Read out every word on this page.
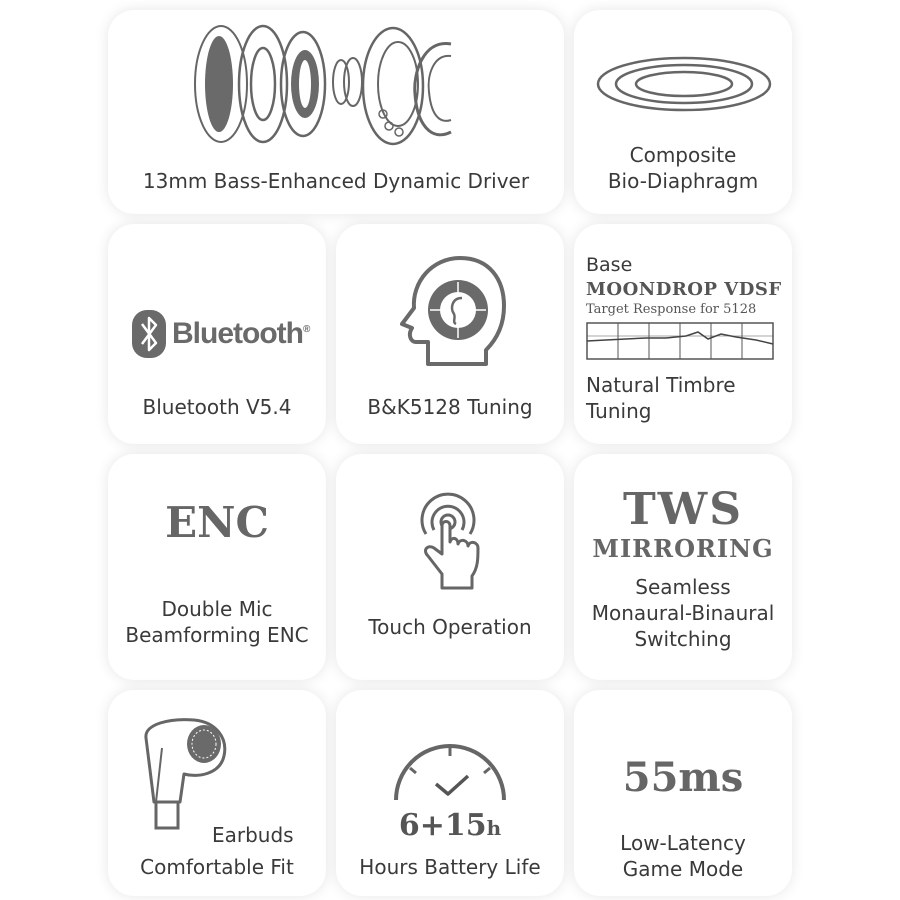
13mm Bass-Enhanced Dynamic Driver
Composite
Bio-Diaphragm
Bluetooth®
Bluetooth V5.4	B&K5128 Tuning
Base
MOONDROP VDSF
Target Response for 5128
Natural Timbre
Tuning
ENC
Double Mic
Beamforming ENC	Touch Operation
TWS
MIRRORING
Seamless
Monaural-Binaural
Switching
Earbuds
Comfortable Fit
6+15h
Hours Battery Life
55ms
Low-Latency
Game Mode
